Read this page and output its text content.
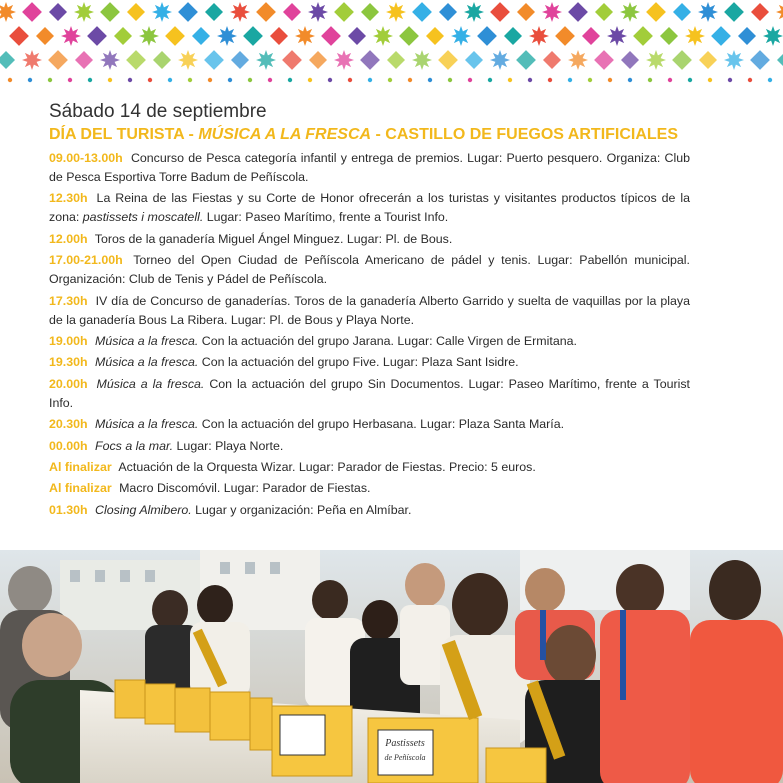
Sábado 14 de septiembre
DÍA DEL TURISTA - MÚSICA A LA FRESCA - CASTILLO DE FUEGOS ARTIFICIALES

09.00-13.00h Concurso de Pesca categoría infantil y entrega de premios. Lugar: Puerto pesquero. Organiza: Club de Pesca Esportiva Torre Badum de Peñíscola.

12.30h La Reina de las Fiestas y su Corte de Honor ofrecerán a los turistas y visitantes productos típicos de la zona: pastissets i moscatell. Lugar: Paseo Marítimo, frente a Tourist Info.

12.00h Toros de la ganadería Miguel Ángel Minguez. Lugar: Pl. de Bous.

17.00-21.00h Torneo del Open Ciudad de Peñíscola Americano de pádel y tenis. Lugar: Pabellón municipal. Organización: Club de Tenis y Pádel de Peñíscola.

17.30h IV día de Concurso de ganaderías. Toros de la ganadería Alberto Garrido y suelta de vaquillas por la playa de la ganadería Bous La Ribera. Lugar: Pl. de Bous y Playa Norte.

19.00h Música a la fresca. Con la actuación del grupo Jarana. Lugar: Calle Virgen de Ermitana.

19.30h Música a la fresca. Con la actuación del grupo Five. Lugar: Plaza Sant Isidre.

20.00h Música a la fresca. Con la actuación del grupo Sin Documentos. Lugar: Paseo Marítimo, frente a Tourist Info.

20.30h Música a la fresca. Con la actuación del grupo Herbasana. Lugar: Plaza Santa María.

00.00h Focs a la mar. Lugar: Playa Norte.

Al finalizar Actuación de la Orquesta Wizar. Lugar: Parador de Fiestas. Precio: 5 euros.

Al finalizar Macro Discomóvil. Lugar: Parador de Fiestas.

01.30h Closing Almibero. Lugar y organización: Peña en Almíbar.

Pastissets
de Peñíscola
